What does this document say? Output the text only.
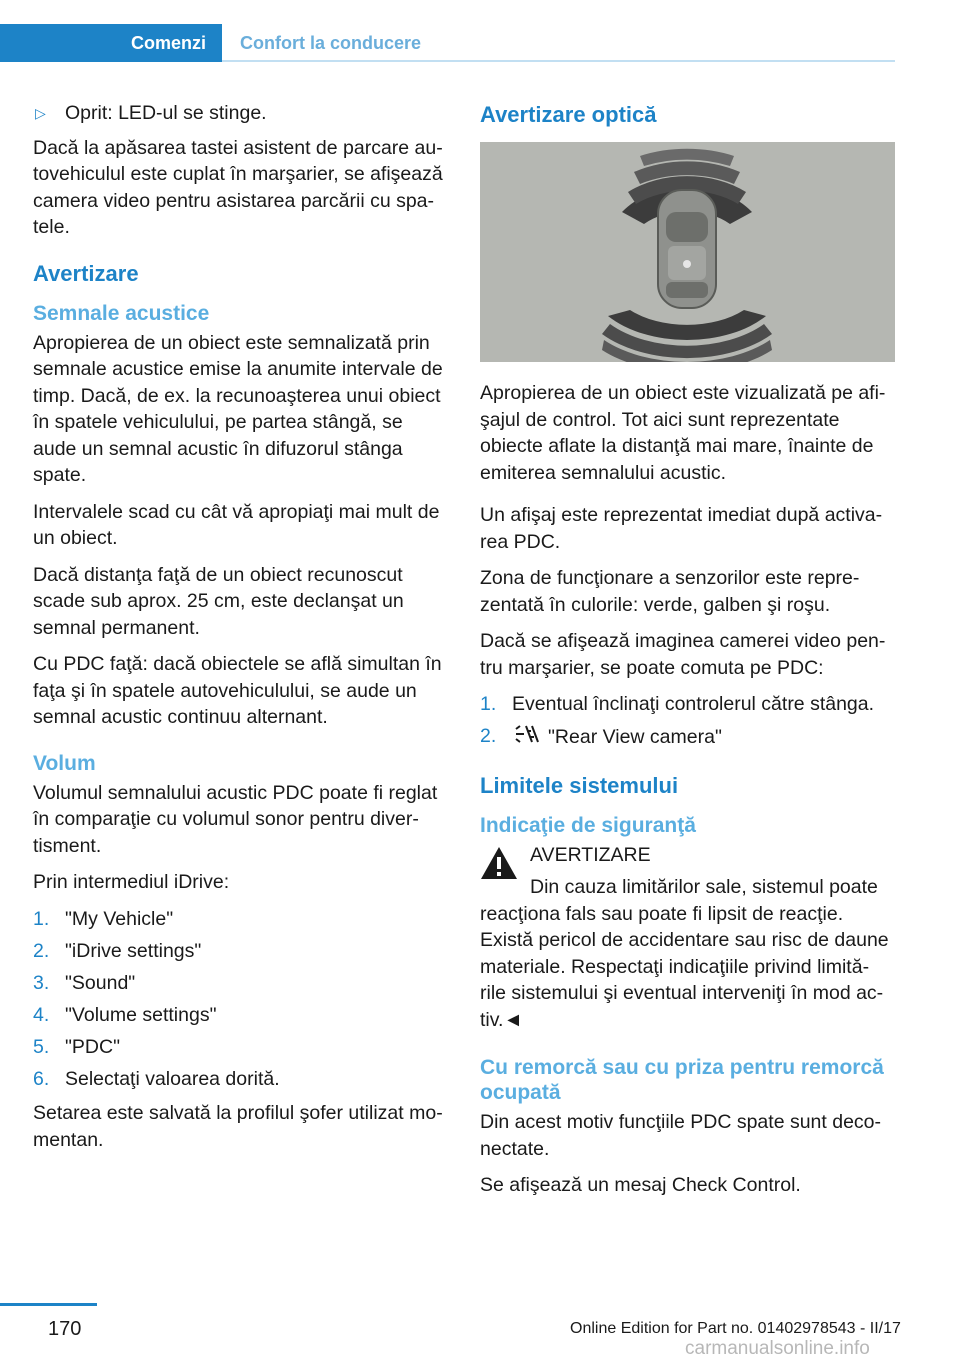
Comenzi	Confort la conducere
▷ Oprit: LED-ul se stinge.

Dacă la apăsarea tastei asistent de parcare au-tovehiculul este cuplat în marşarier, se afişează camera video pentru asistarea parcării cu spa-tele.

Avertizare
Semnale acustice

Apropierea de un obiect este semnalizată prin semnale acustice emise la anumite intervale de timp. Dacă, de ex. la recunoaşterea unui obiect în spatele vehiculului, pe partea stângă, se aude un semnal acustic în difuzorul stânga spate.

Intervalele scad cu cât vă apropiaţi mai mult de un obiect.

Dacă distanţa faţă de un obiect recunoscut scade sub aprox. 25 cm, este declanşat un semnal permanent.

Cu PDC faţă: dacă obiectele se află simultan în faţa şi în spatele autovehiculului, se aude un semnal acustic continuu alternant.

Volum

Volumul semnalului acustic PDC poate fi reglat în comparaţie cu volumul sonor pentru diver-tisment.

Prin intermediul iDrive:

1. "My Vehicle"
2. "iDrive settings"
3. "Sound"
4. "Volume settings"
5. "PDC"
6. Selectaţi valoarea dorită.

Setarea este salvată la profilul şofer utilizat mo-mentan.

Avertizare optică

Apropierea de un obiect este vizualizată pe afi-şajul de control. Tot aici sunt reprezentate obiecte aflate la distanţă mai mare, înainte de emiterea semnalului acustic.

Un afişaj este reprezentat imediat după activa-rea PDC.

Zona de funcţionare a senzorilor este repre-zentată în culorile: verde, galben şi roşu.

Dacă se afişează imaginea camerei video pen-tru marşarier, se poate comuta pe PDC:

1. Eventual înclinaţi controlerul către stânga.
2.	"Rear View camera"
Limitele sistemului
Indicaţie de siguranţă
AVERTIZARE
Din cauza limitărilor sale, sistemul poate
reacţiona fals sau poate fi lipsit de reacţie. Există pericol de accidentare sau risc de daune materiale. Respectaţi indicaţiile privind limită-rile sistemului şi eventual interveniţi în mod ac-tiv.◄
Cu remorcă sau cu priza pentru remorcă ocupată

Din acest motiv funcţiile PDC spate sunt deco-nectate.

Se afişează un mesaj Check Control.

170	Online Edition for Part no. 01402978543 - II/17
carmanualsonline.info
